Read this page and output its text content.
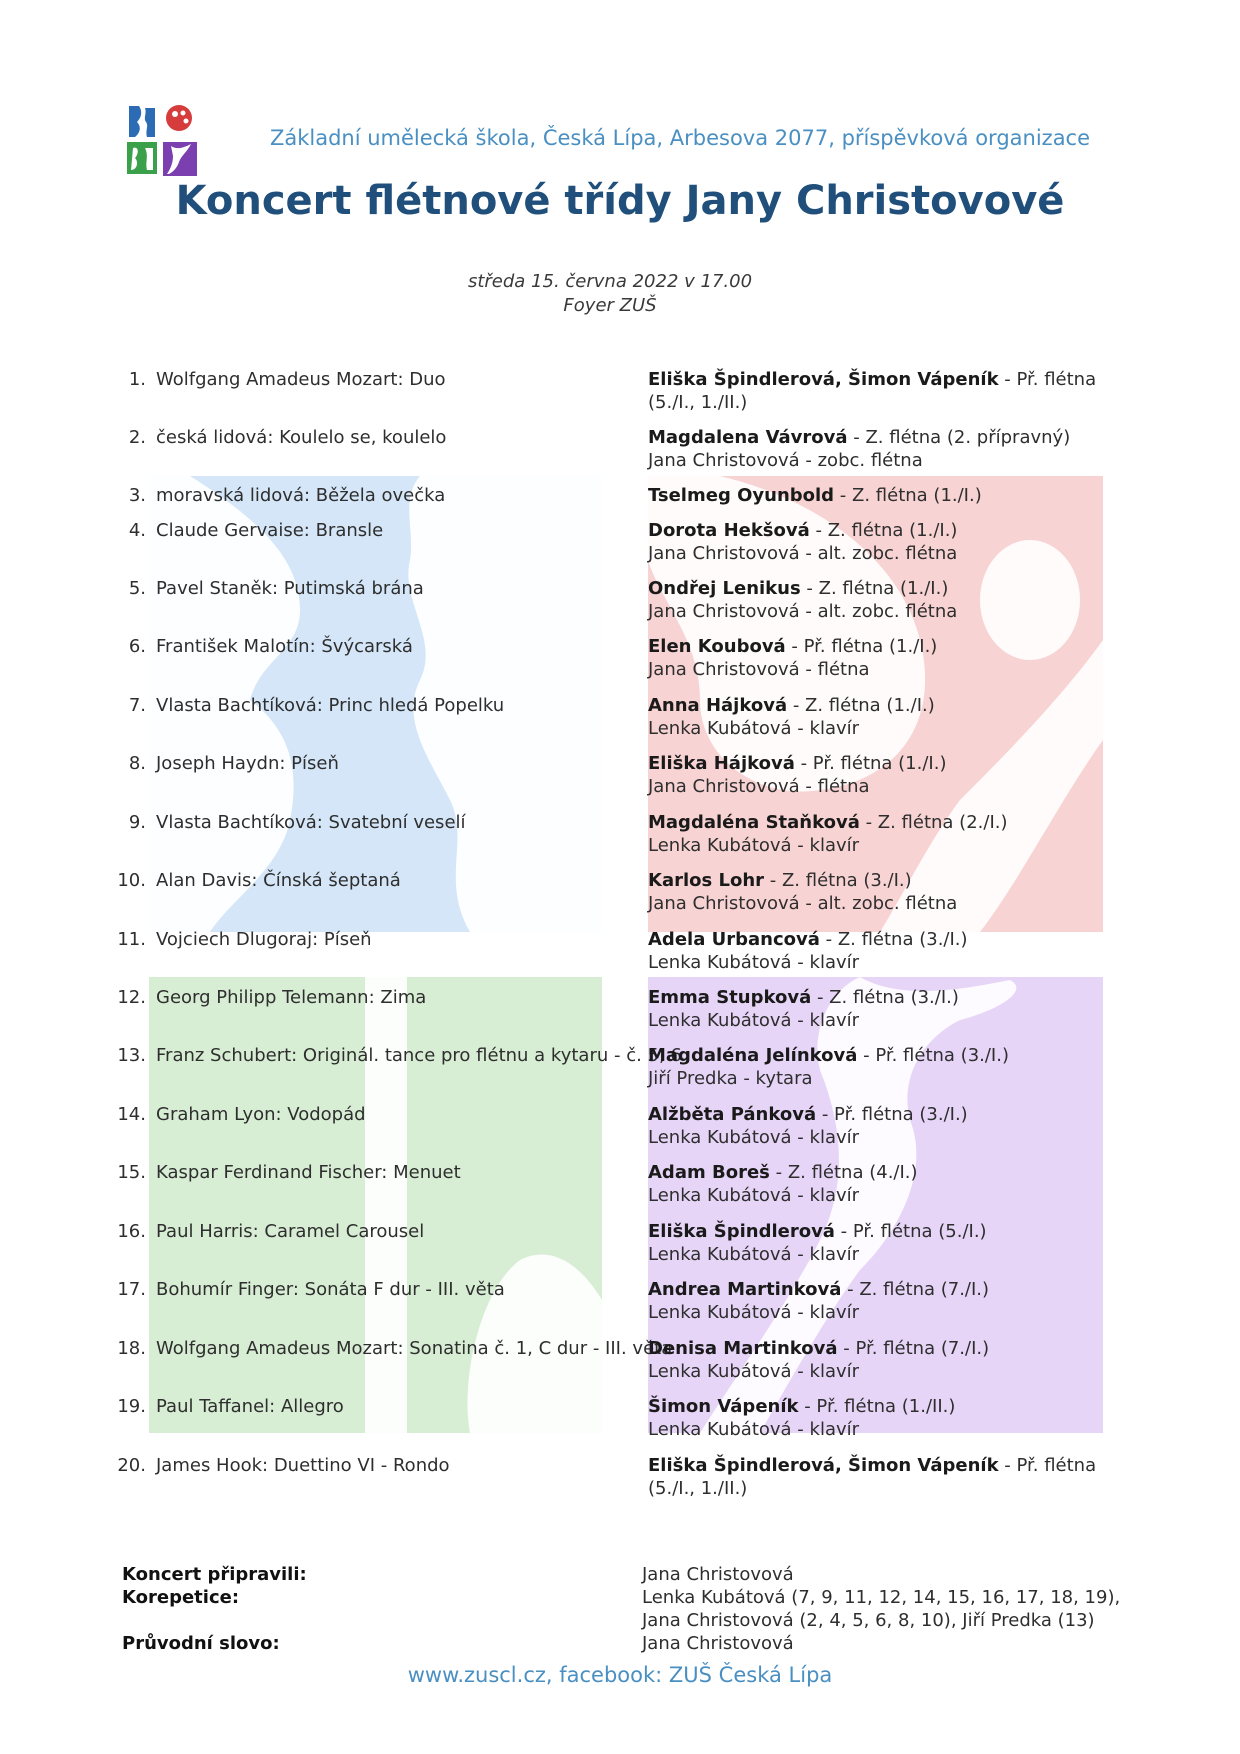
Základní umělecká škola, Česká Lípa, Arbesova 2077, příspěvková organizace
Koncert flétnové třídy Jany Christovové
středa 15. června 2022 v 17.00
Foyer ZUŠ
1. Wolfgang Amadeus Mozart: Duo	Eliška Špindlerová, Šimon Vápeník - Př. flétna (5./I., 1./II.)
2. česká lidová: Koulelo se, koulelo	Magdalena Vávrová - Z. flétna (2. přípravný)
Jana Christovová - zobc. flétna
3. moravská lidová: Běžela ovečka	Tselmeg Oyunbold - Z. flétna (1./I.)
4. Claude Gervaise: Bransle	Dorota Hekšová - Z. flétna (1./I.)
Jana Christovová - alt. zobc. flétna
5. Pavel Staněk: Putimská brána	Ondřej Lenikus - Z. flétna (1./I.)
Jana Christovová - alt. zobc. flétna
6. František Malotín: Švýcarská	Elen Koubová - Př. flétna (1./I.)
Jana Christovová - flétna
7. Vlasta Bachtíková: Princ hledá Popelku	Anna Hájková - Z. flétna (1./I.)
Lenka Kubátová - klavír
8. Joseph Haydn: Píseň	Eliška Hájková - Př. flétna (1./I.)
Jana Christovová - flétna
9. Vlasta Bachtíková: Svatební veselí	Magdaléna Staňková - Z. flétna (2./I.)
Lenka Kubátová - klavír
10. Alan Davis: Čínská šeptaná	Karlos Lohr - Z. flétna (3./I.)
Jana Christovová - alt. zobc. flétna
11. Vojciech Dlugoraj: Píseň	Adela Urbancová - Z. flétna (3./I.)
Lenka Kubátová - klavír
12. Georg Philipp Telemann: Zima	Emma Stupková - Z. flétna (3./I.)
Lenka Kubátová - klavír
13. Franz Schubert: Originál. tance pro flétnu a kytaru - č. 5, 6
Magdaléna Jelínková - Př. flétna (3./I.)
Jiří Predka - kytara
14. Graham Lyon: Vodopád	Alžběta Pánková - Př. flétna (3./I.)
Lenka Kubátová - klavír
15. Kaspar Ferdinand Fischer: Menuet	Adam Boreš - Z. flétna (4./I.)
Lenka Kubátová - klavír
16. Paul Harris: Caramel Carousel	Eliška Špindlerová - Př. flétna (5./I.)
Lenka Kubátová - klavír
17. Bohumír Finger: Sonáta F dur - III. věta	Andrea Martinková - Z. flétna (7./I.)
Lenka Kubátová - klavír
18. Wolfgang Amadeus Mozart: Sonatina č. 1, C dur - III. věta
Denisa Martinková - Př. flétna (7./I.)
Lenka Kubátová - klavír
19. Paul Taffanel: Allegro	Šimon Vápeník - Př. flétna (1./II.)
Lenka Kubátová - klavír
20. James Hook: Duettino VI - Rondo	Eliška Špindlerová, Šimon Vápeník - Př. flétna (5./I., 1./II.)
Koncert připravili:	Jana Christovová
Korepetice:	Lenka Kubátová (7, 9, 11, 12, 14, 15, 16, 17, 18, 19), Jana Christovová (2, 4, 5, 6, 8, 10), Jiří Predka (13)
Průvodní slovo:	Jana Christovová
www.zuscl.cz, facebook: ZUŠ Česká Lípa
